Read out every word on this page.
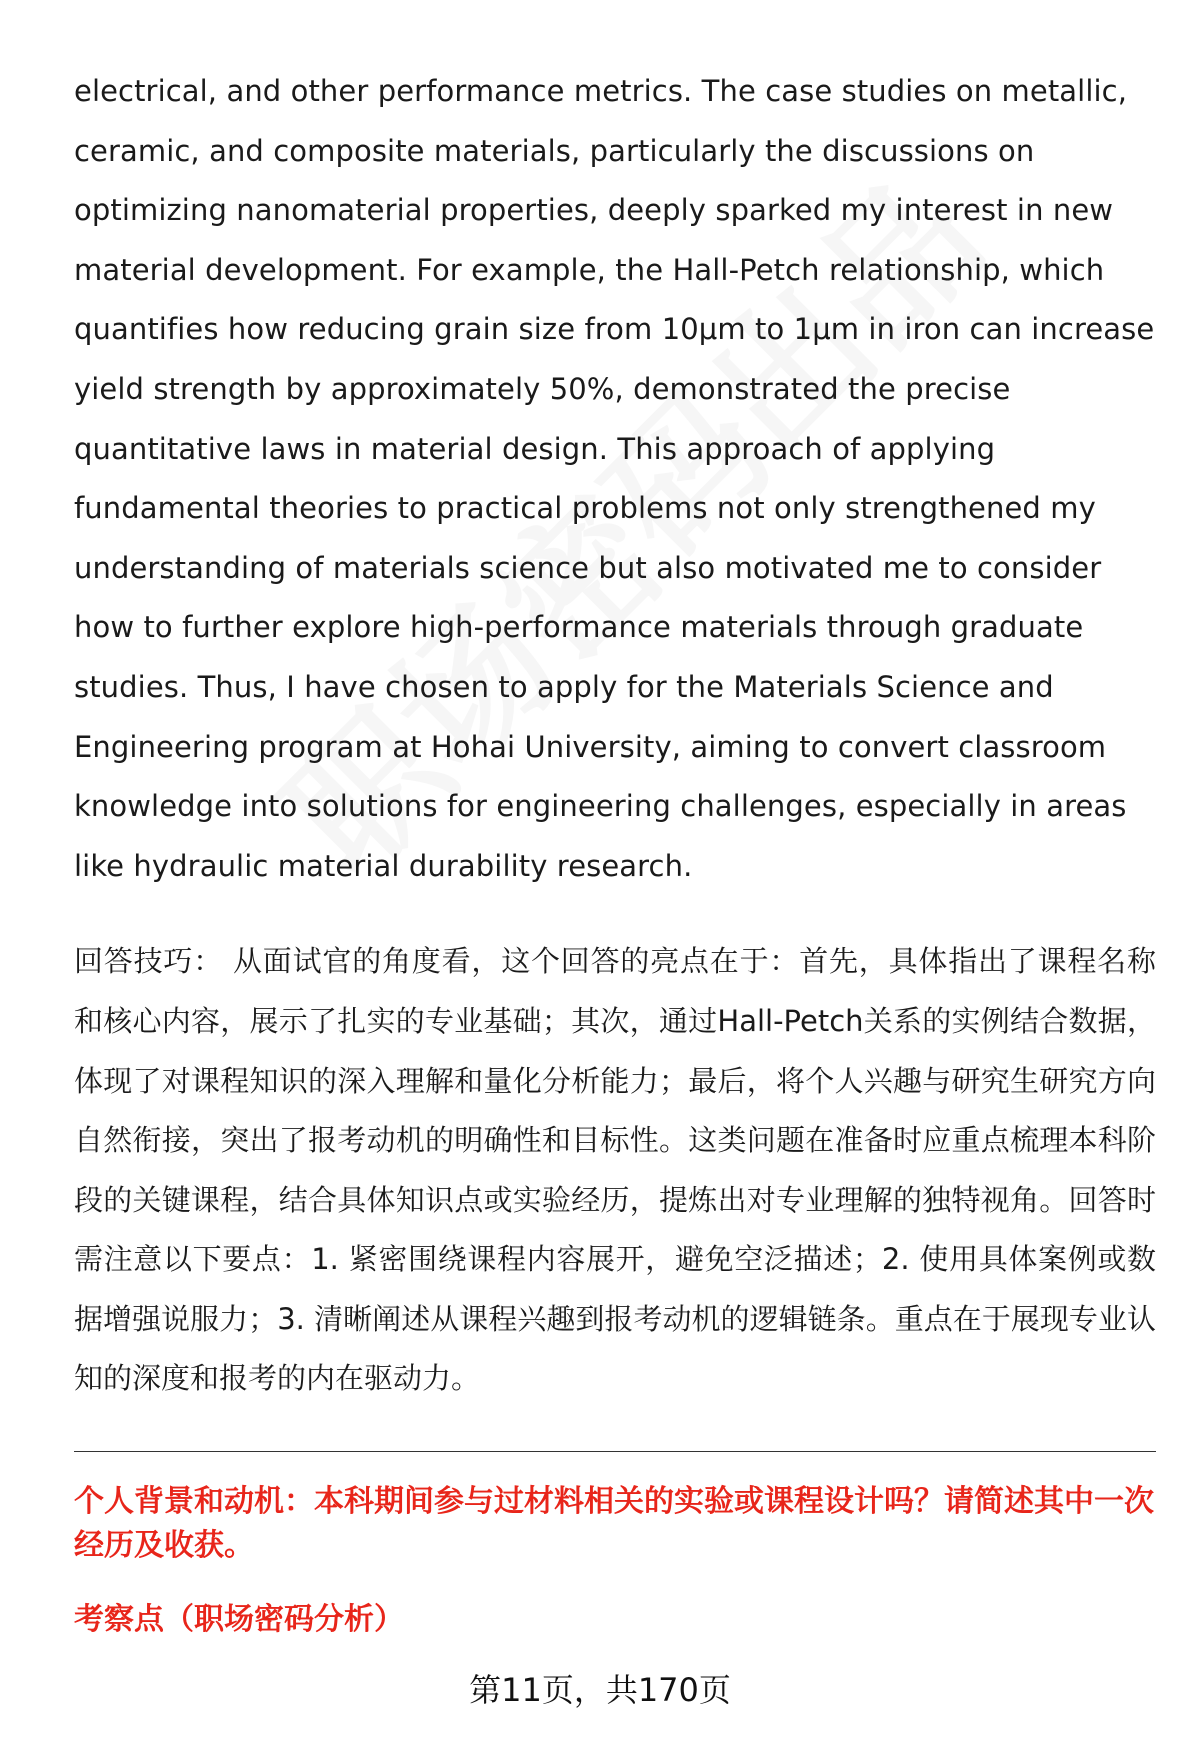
electrical, and other performance metrics. The case studies on metallic, ceramic, and composite materials, particularly the discussions on optimizing nanomaterial properties, deeply sparked my interest in new material development. For example, the Hall-Petch relationship, which quantifies how reducing grain size from 10μm to 1μm in iron can increase yield strength by approximately 50%, demonstrated the precise quantitative laws in material design. This approach of applying fundamental theories to practical problems not only strengthened my understanding of materials science but also motivated me to consider how to further explore high-performance materials through graduate studies. Thus, I have chosen to apply for the Materials Science and Engineering program at Hohai University, aiming to convert classroom knowledge into solutions for engineering challenges, especially in areas like hydraulic material durability research.

回答技巧： 从面试官的角度看，这个回答的亮点在于：首先，具体指出了课程名称和核心内容，展示了扎实的专业基础；其次，通过Hall-Petch关系的实例结合数据，体现了对课程知识的深入理解和量化分析能力；最后，将个人兴趣与研究生研究方向自然衔接，突出了报考动机的明确性和目标性。这类问题在准备时应重点梳理本科阶段的关键课程，结合具体知识点或实验经历，提炼出对专业理解的独特视角。回答时需注意以下要点：1. 紧密围绕课程内容展开，避免空泛描述；2. 使用具体案例或数据增强说服力；3. 清晰阐述从课程兴趣到报考动机的逻辑链条。重点在于展现专业认知的深度和报考的内在驱动力。

个人背景和动机：本科期间参与过材料相关的实验或课程设计吗？请简述其中一次经历及收获。
考察点（职场密码分析）
第11页，共170页
